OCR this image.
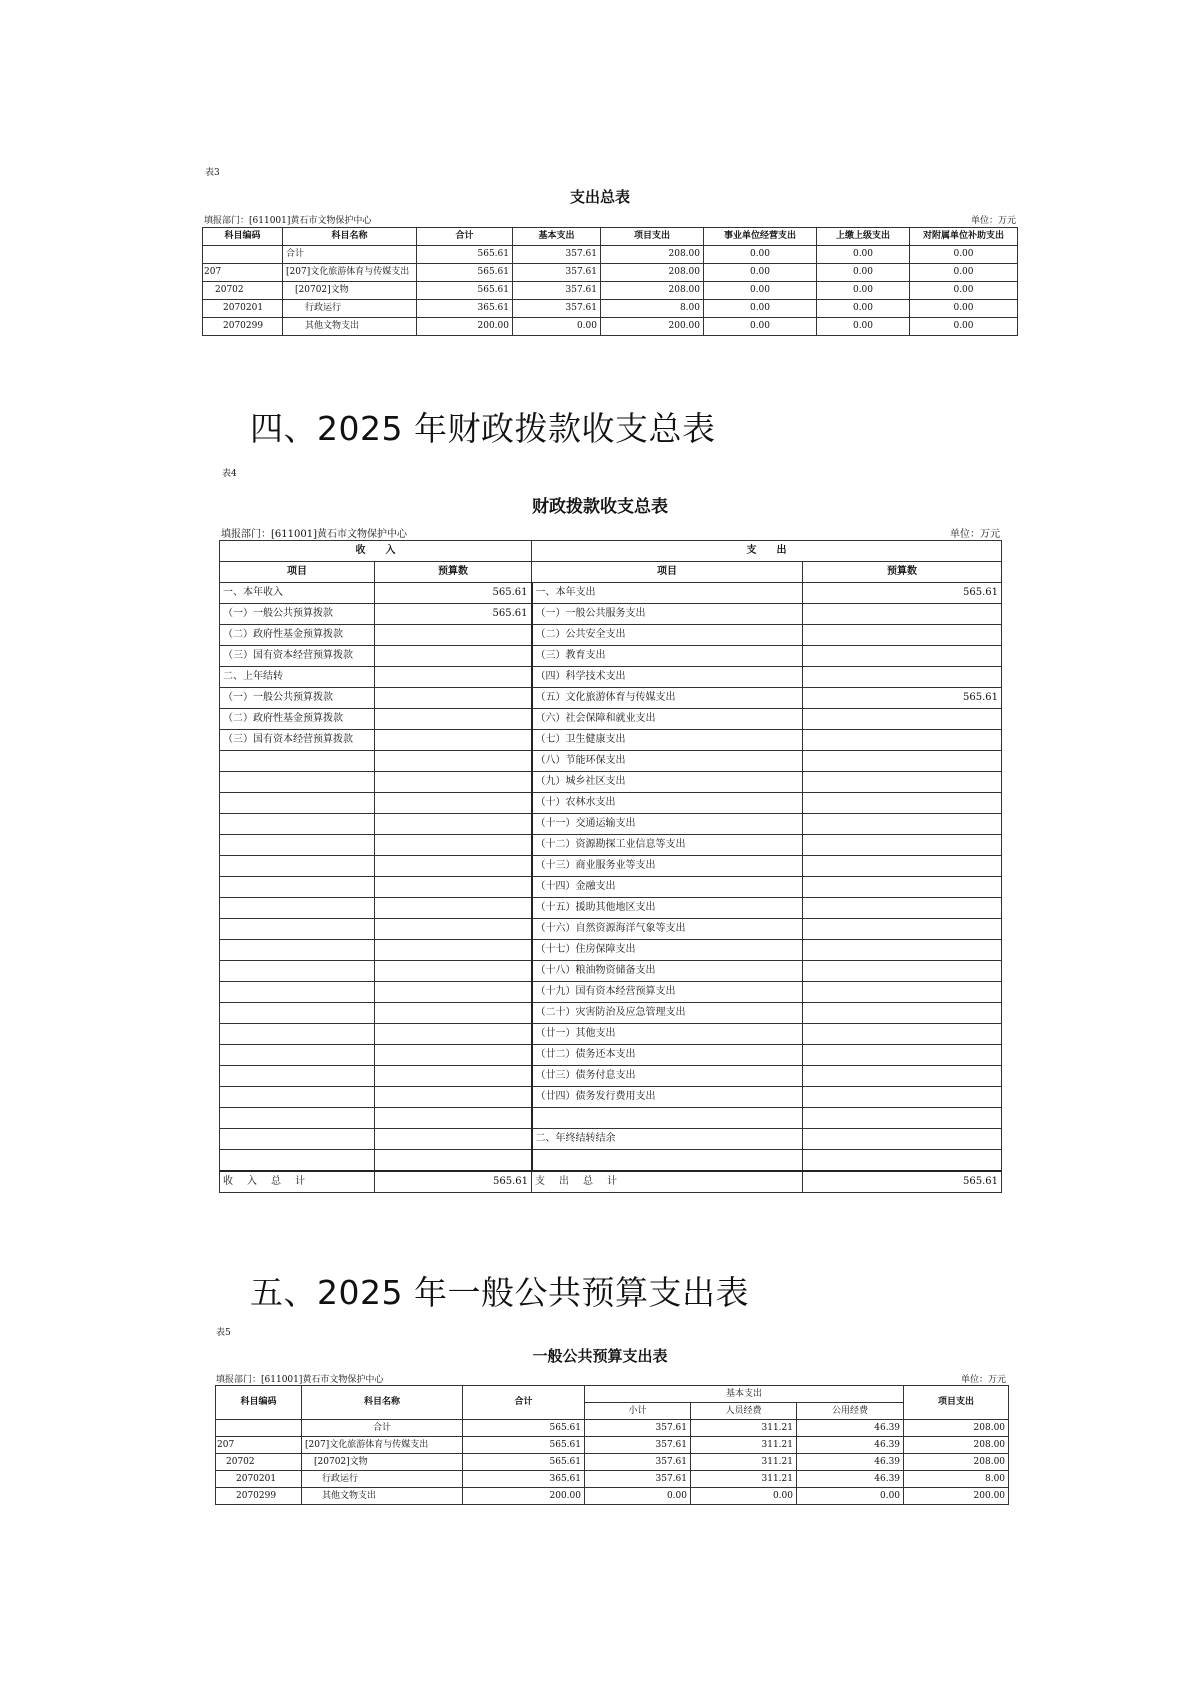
表3
支出总表
填报部门：[611001]黄石市文物保护中心	单位：万元
科目编码	科目名称	合计	基本支出	项目支出	事业单位经营支出	上缴上级支出	对附属单位补助支出
	合计	565.61	357.61	208.00	0.00	0.00	0.00
207	[207]文化旅游体育与传媒支出	565.61	357.61	208.00	0.00	0.00	0.00
20702	[20702]文物	565.61	357.61	208.00	0.00	0.00	0.00
2070201	行政运行	365.61	357.61	8.00	0.00	0.00	0.00
2070299	其他文物支出	200.00	0.00	200.00	0.00	0.00	0.00
四、2025 年财政拨款收支总表
表4
财政拨款收支总表
填报部门：[611001]黄石市文物保护中心	单位：万元
收　　入		支　　出	
项目	预算数	项目	预算数
一、本年收入	565.61	一、本年支出	565.61
（一）一般公共预算拨款	565.61	（一）一般公共服务支出	
（二）政府性基金预算拨款		（二）公共安全支出	
（三）国有资本经营预算拨款		（三）教育支出	
二、上年结转		（四）科学技术支出	
（一）一般公共预算拨款		（五）文化旅游体育与传媒支出	565.61
（二）政府性基金预算拨款		（六）社会保障和就业支出	
（三）国有资本经营预算拨款		（七）卫生健康支出	
		（八）节能环保支出	
		（九）城乡社区支出	
		（十）农林水支出	
		（十一）交通运输支出	
		（十二）资源勘探工业信息等支出	
		（十三）商业服务业等支出	
		（十四）金融支出	
		（十五）援助其他地区支出	
		（十六）自然资源海洋气象等支出	
		（十七）住房保障支出	
		（十八）粮油物资储备支出	
		（十九）国有资本经营预算支出	
		（二十）灾害防治及应急管理支出	
		（廿一）其他支出	
		（廿二）债务还本支出	
		（廿三）债务付息支出	
		（廿四）债务发行费用支出	

		二、年终结转结余	

收　入　总　计	565.61	支　出　总　计	565.61
五、2025 年一般公共预算支出表
表5
一般公共预算支出表
填报部门：[611001]黄石市文物保护中心	单位：万元
科目编码	科目名称	合计	基本支出			项目支出
			小计	人员经费	公用经费	
	合计	565.61	357.61	311.21	46.39	208.00
207	[207]文化旅游体育与传媒支出	565.61	357.61	311.21	46.39	208.00
20702	[20702]文物	565.61	357.61	311.21	46.39	208.00
2070201	行政运行	365.61	357.61	311.21	46.39	8.00
2070299	其他文物支出	200.00	0.00	0.00	0.00	200.00
